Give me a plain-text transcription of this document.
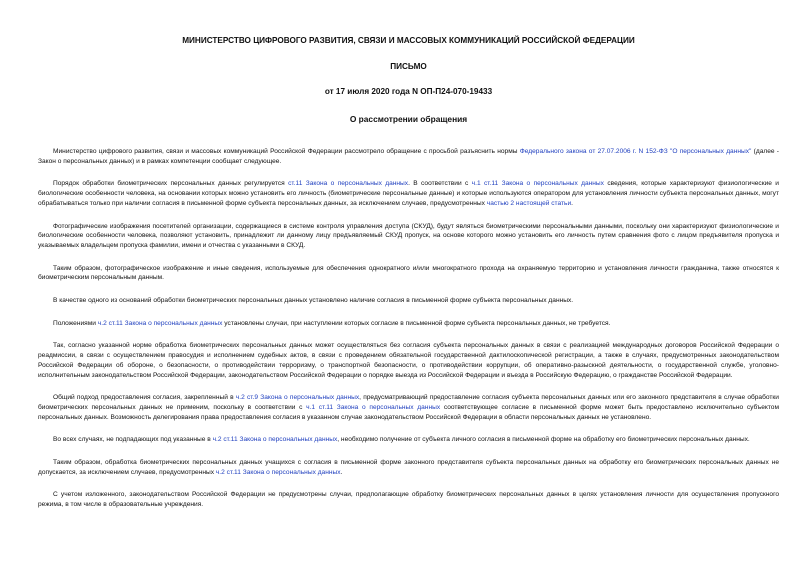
МИНИСТЕРСТВО ЦИФРОВОГО РАЗВИТИЯ, СВЯЗИ И МАССОВЫХ КОММУНИКАЦИЙ РОССИЙСКОЙ ФЕДЕРАЦИИ
ПИСЬМО
от 17 июля 2020 года N ОП-П24-070-19433
О рассмотрении обращения

Министерство цифрового развития, связи и массовых коммуникаций Российской Федерации рассмотрело обращение с просьбой разъяснить нормы Федерального закона от 27.07.2006 г. N 152-ФЗ "О персональных данных" (далее - Закон о персональных данных) и в рамках компетенции сообщает следующее.

Порядок обработки биометрических персональных данных регулируется ст.11 Закона о персональных данных. В соответствии с ч.1 ст.11 Закона о персональных данных сведения, которые характеризуют физиологические и биологические особенности человека, на основании которых можно установить его личность (биометрические персональные данные) и которые используются оператором для установления личности субъекта персональных данных, могут обрабатываться только при наличии согласия в письменной форме субъекта персональных данных, за исключением случаев, предусмотренных частью 2 настоящей статьи.

Фотографические изображения посетителей организации, содержащиеся в системе контроля управления доступа (СКУД), будут являться биометрическими персональными данными, поскольку они характеризуют физиологические и биологические особенности человека, позволяют установить, принадлежит ли данному лицу предъявляемый СКУД пропуск, на основе которого можно установить его личность путем сравнения фото с лицом предъявителя пропуска и указываемых владельцем пропуска фамилии, имени и отчества с указанными в СКУД.

Таким образом, фотографическое изображение и иные сведения, используемые для обеспечения однократного и/или многократного прохода на охраняемую территорию и установления личности гражданина, также относятся к биометрическим персональным данным.

В качестве одного из оснований обработки биометрических персональных данных установлено наличие согласия в письменной форме субъекта персональных данных.

Положениями ч.2 ст.11 Закона о персональных данных установлены случаи, при наступлении которых согласие в письменной форме субъекта персональных данных, не требуется.

Так, согласно указанной норме обработка биометрических персональных данных может осуществляться без согласия субъекта персональных данных в связи с реализацией международных договоров Российской Федерации о реадмиссии, в связи с осуществлением правосудия и исполнением судебных актов, в связи с проведением обязательной государственной дактилоскопической регистрации, а также в случаях, предусмотренных законодательством Российской Федерации об обороне, о безопасности, о противодействии терроризму, о транспортной безопасности, о противодействии коррупции, об оперативно-разыскной деятельности, о государственной службе, уголовно-исполнительным законодательством Российской Федерации, законодательством Российской Федерации о порядке выезда из Российской Федерации и въезда в Российскую Федерацию, о гражданстве Российской Федерации.

Общий подход предоставления согласия, закрепленный в ч.2 ст.9 Закона о персональных данных, предусматривающий предоставление согласия субъекта персональных данных или его законного представителя в случае обработки биометрических персональных данных не применим, поскольку в соответствии с ч.1 ст.11 Закона о персональных данных соответствующее согласие в письменной форме может быть предоставлено исключительно субъектом персональных данных. Возможность делегирования права предоставления согласия в указанном случае законодательством Российской Федерации в области персональных данных не установлено.

Во всех случаях, не подпадающих под указанные в ч.2 ст.11 Закона о персональных данных, необходимо получение от субъекта личного согласия в письменной форме на обработку его биометрических персональных данных.

Таким образом, обработка биометрических персональных данных учащихся с согласия в письменной форме законного представителя субъекта персональных данных на обработку его биометрических персональных данных не допускается, за исключением случаев, предусмотренных ч.2 ст.11 Закона о персональных данных.

С учетом изложенного, законодательством Российской Федерации не предусмотрены случаи, предполагающие обработку биометрических персональных данных в целях установления личности для осуществления пропускного режима, в том числе в образовательные учреждения.
